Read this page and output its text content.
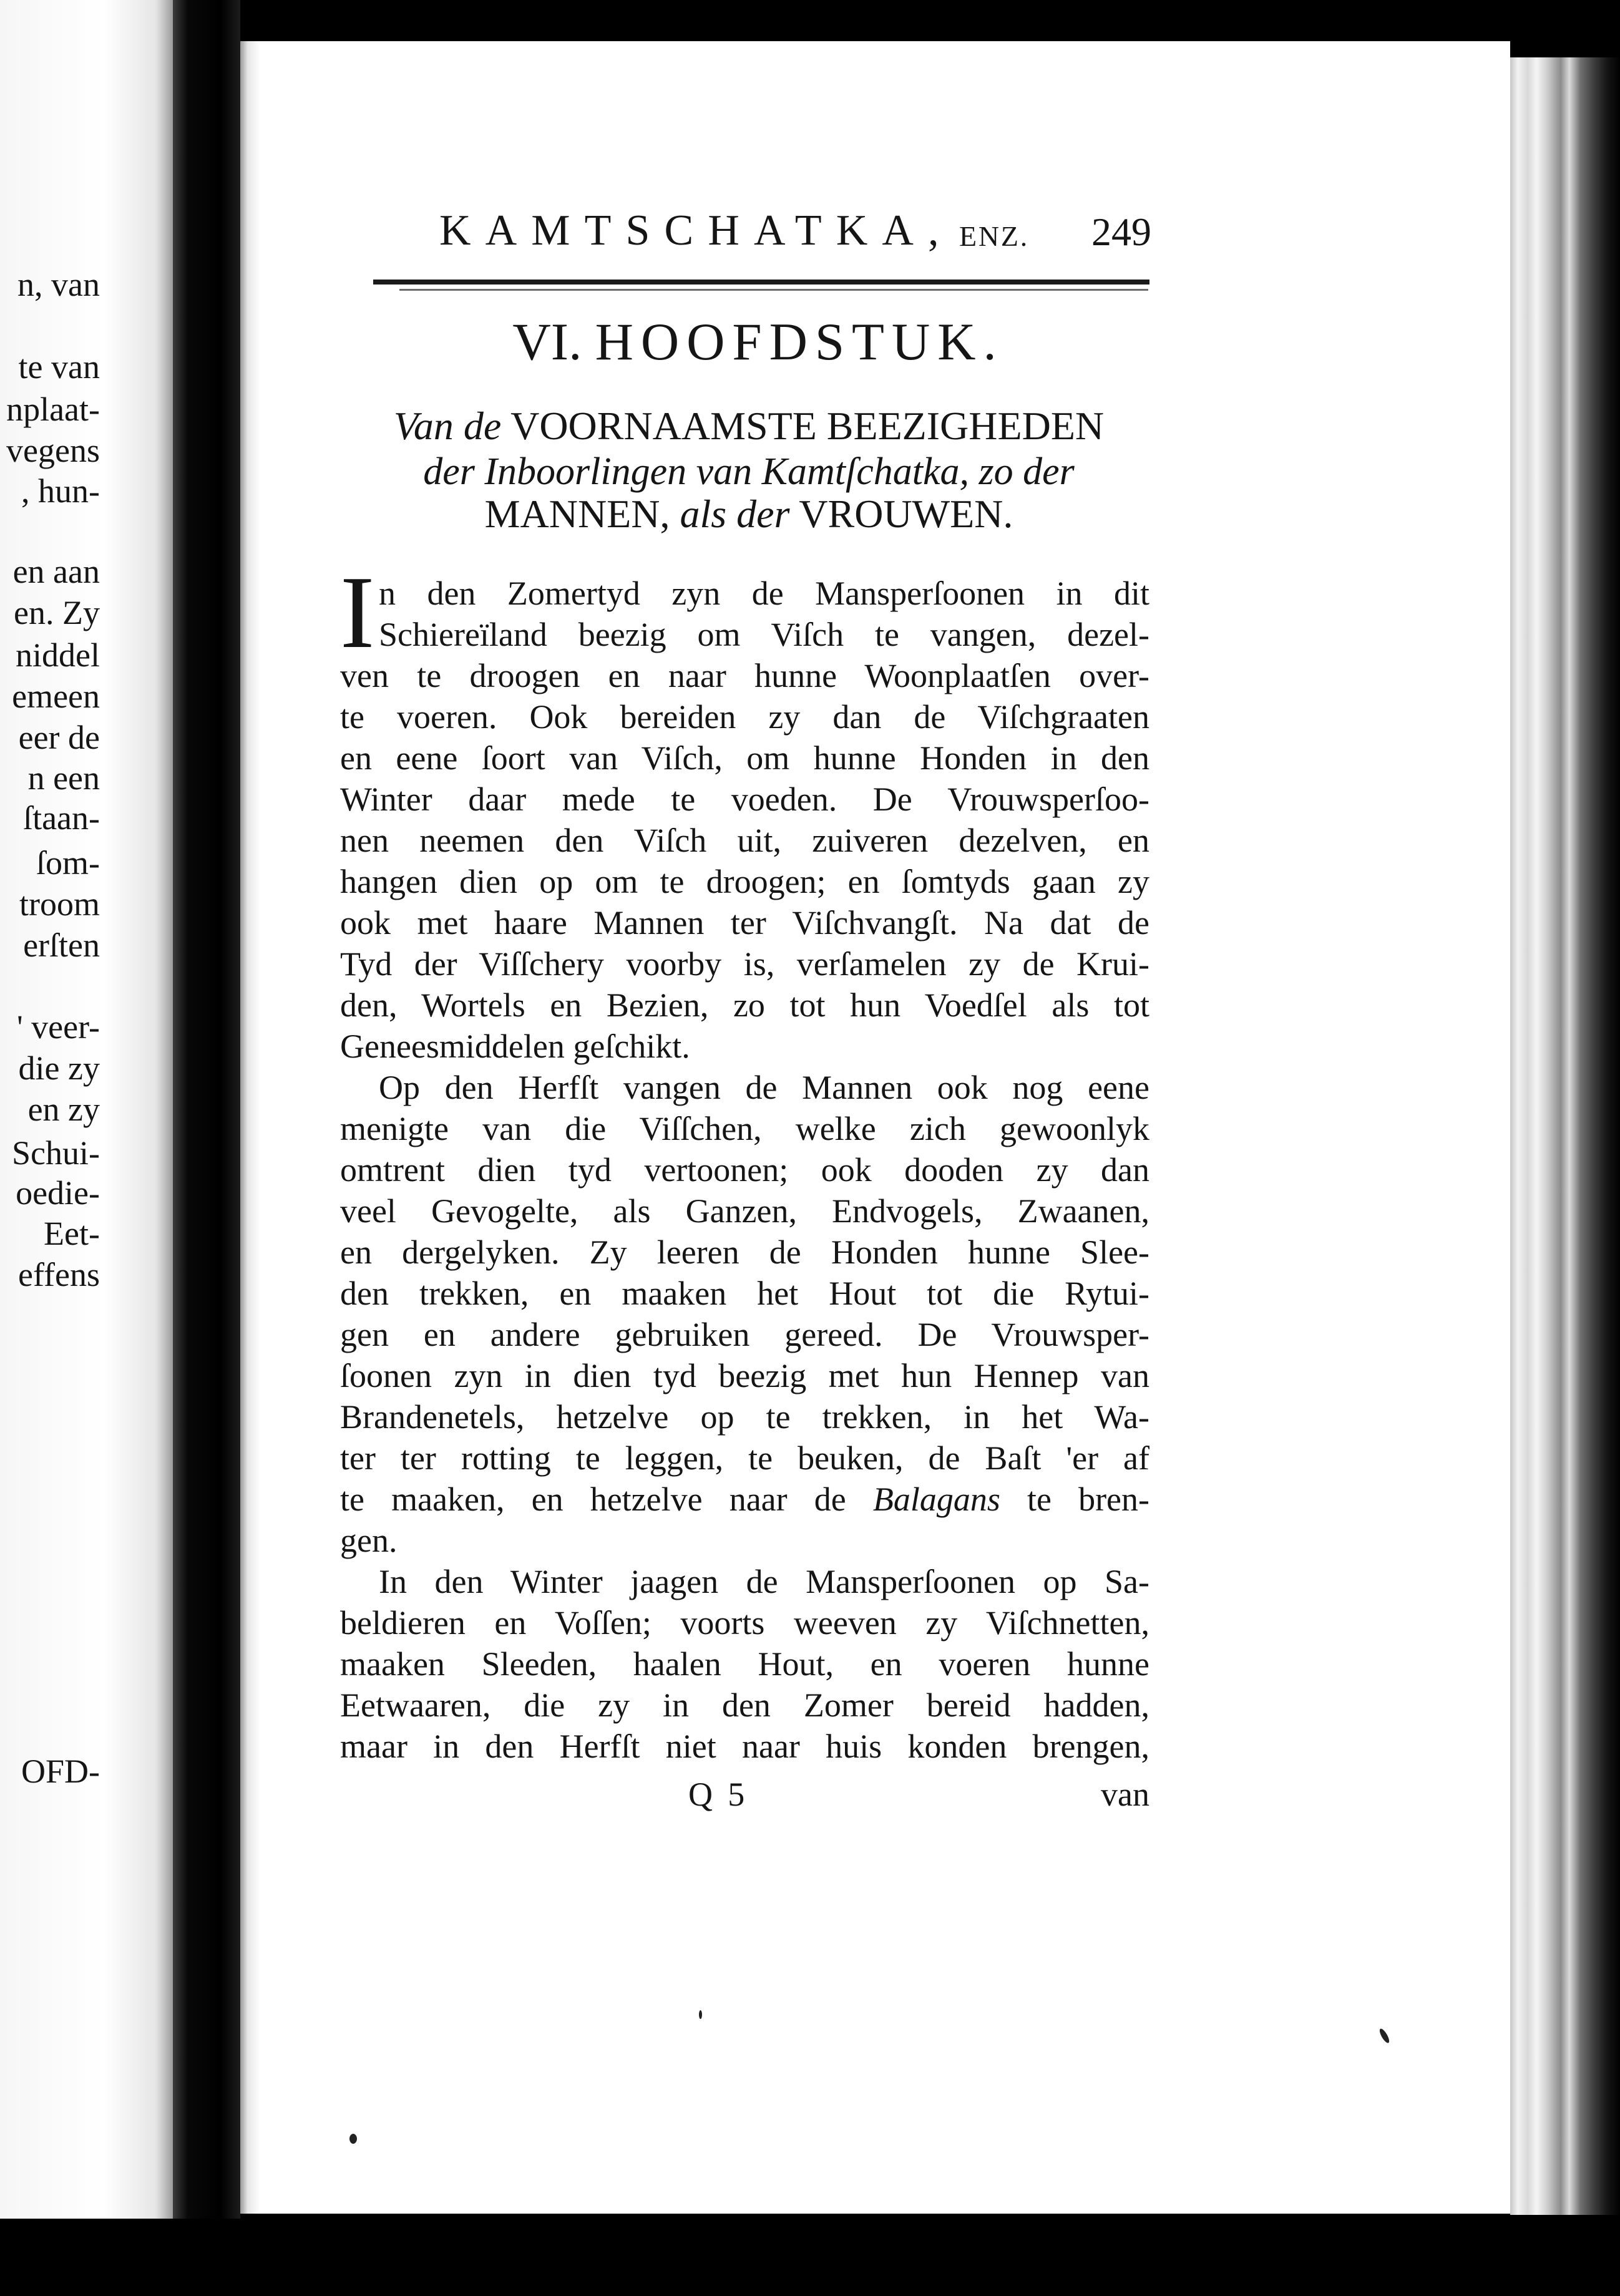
n, van
te van
nplaat-
vegens
, hun-
en aan
en. Zy
niddel
emeen
eer de
n een
ſtaan-
ſom-
troom
erſten
' veer-
die zy
en zy
Schui-
oedie-
Eet-
effens
OFD-
KAMTSCHATKA, ENZ. 249
VI. HOOFDSTUK.
Van de VOORNAAMSTE BEEZIGHEDEN
der Inboorlingen van Kamtſchatka, zo der
MANNEN, als der VROUWEN.
I n den Zomertyd zyn de Mansperſoonen in dit
Schiereïland beezig om Viſch te vangen, dezel-
ven te droogen en naar hunne Woonplaatſen over-
te voeren. Ook bereiden zy dan de Viſchgraaten
en eene ſoort van Viſch, om hunne Honden in den
Winter daar mede te voeden. De Vrouwsperſoo-
nen neemen den Viſch uit, zuiveren dezelven, en
hangen dien op om te droogen; en ſomtyds gaan zy
ook met haare Mannen ter Viſchvangſt. Na dat de
Tyd der Viſſchery voorby is, verſamelen zy de Krui-
den, Wortels en Bezien, zo tot hun Voedſel als tot
Geneesmiddelen geſchikt.
Op den Herfſt vangen de Mannen ook nog eene
menigte van die Viſſchen, welke zich gewoonlyk
omtrent dien tyd vertoonen; ook dooden zy dan
veel Gevogelte, als Ganzen, Endvogels, Zwaanen,
en dergelyken. Zy leeren de Honden hunne Slee-
den trekken, en maaken het Hout tot die Rytui-
gen en andere gebruiken gereed. De Vrouwsper-
ſoonen zyn in dien tyd beezig met hun Hennep van
Brandenetels, hetzelve op te trekken, in het Wa-
ter ter rotting te leggen, te beuken, de Baſt 'er af
te maaken, en hetzelve naar de Balagans te bren-
gen.
In den Winter jaagen de Mansperſoonen op Sa-
beldieren en Voſſen; voorts weeven zy Viſchnetten,
maaken Sleeden, haalen Hout, en voeren hunne
Eetwaaren, die zy in den Zomer bereid hadden,
maar in den Herfſt niet naar huis konden brengen,
Q 5	van
